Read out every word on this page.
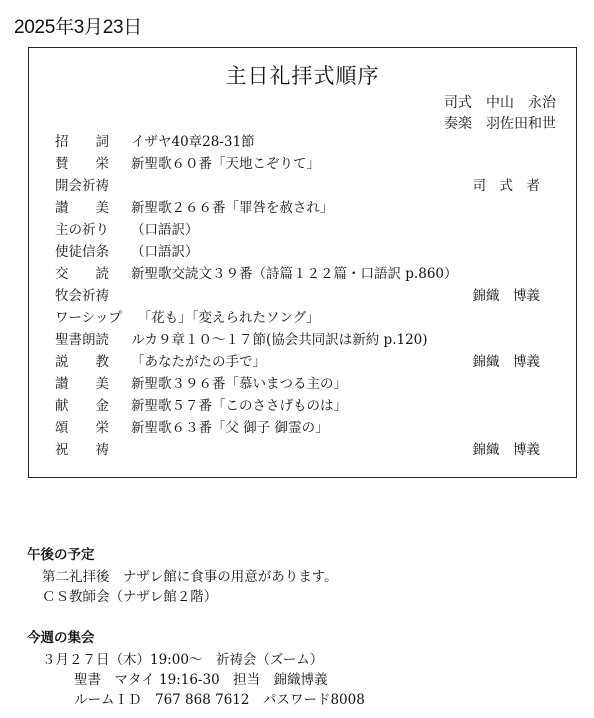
2025年3月23日
主日礼拝式順序
司式　中山　永治
奏楽　羽佐田和世
招　　詞 イザヤ40章28-31節
賛　　栄 新聖歌６０番「天地こぞりて」
開会祈祷	司　式　者
讃　　美 新聖歌２６６番「罪咎を赦され」
主の祈り （口語訳）
使徒信条 （口語訳）
交　　読 新聖歌交読文３９番（詩篇１２２篇・口語訳 p.860）
牧会祈祷	錦織　博義
ワーシップ 　「花も」「変えられたソング」
聖書朗読 ルカ９章１０～１７節(協会共同訳は新約 p.120)
説　　教 「あなたがたの手で」	錦織　博義
讃　　美 新聖歌３９６番「慕いまつる主の」
献　　金 新聖歌５７番「このささげものは」
頌　　栄 新聖歌６３番「父 御子 御霊の」
祝　　祷	錦織　博義
午後の予定
第二礼拝後　ナザレ館に食事の用意があります。
ＣＳ教師会（ナザレ館２階）
今週の集会
３月２７日（木）19:00～　祈祷会（ズーム）
聖書　マタイ 19:16-30　担当　錦織博義
ルームＩＤ　767 868 7612　パスワード8008
